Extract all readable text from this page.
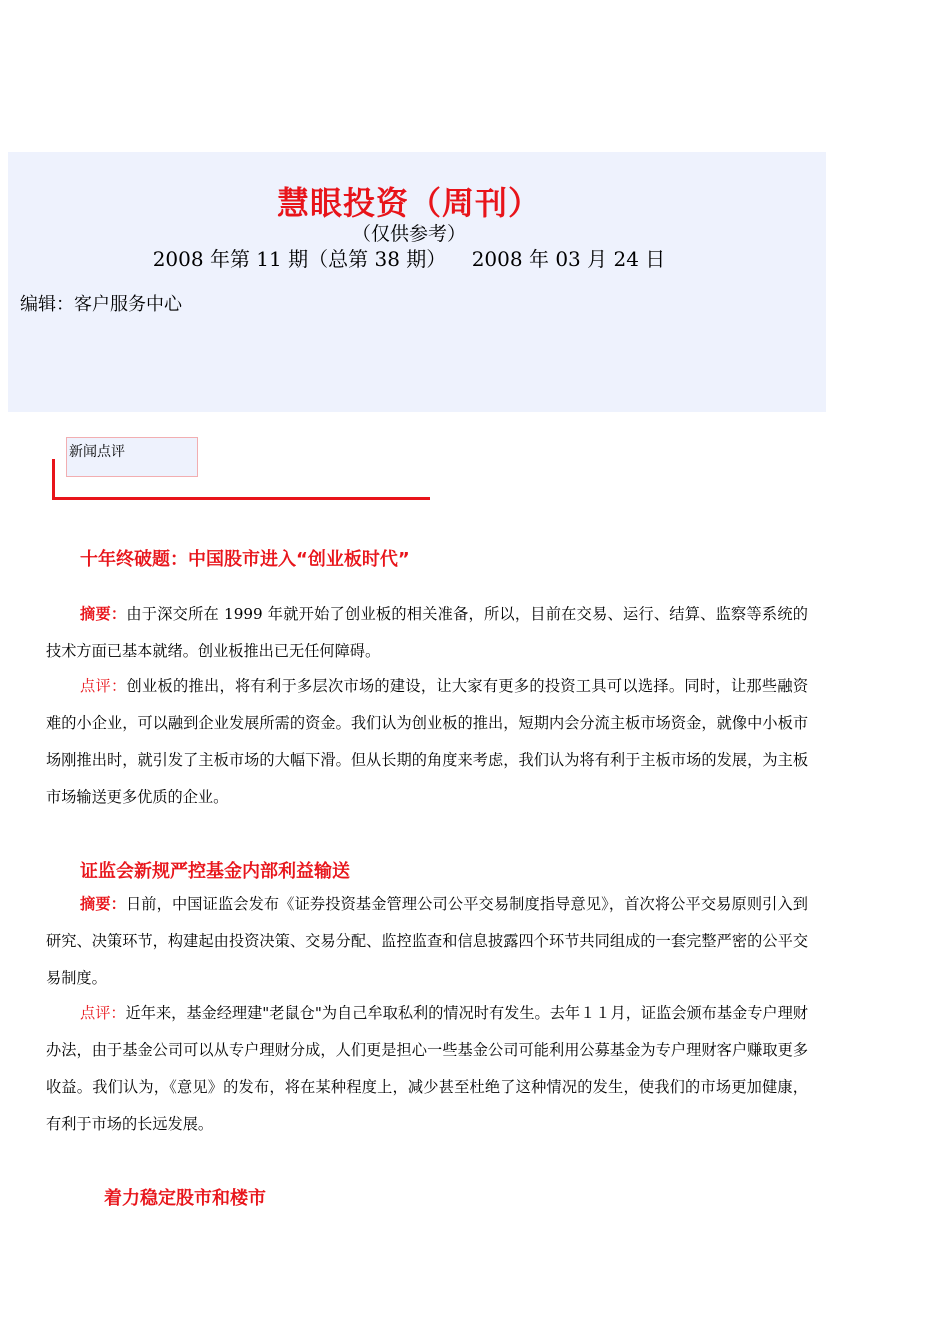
慧眼投资（周刊）
（仅供参考）
2008 年第 11 期（总第 38 期）    2008 年 03 月 24 日
编辑：客户服务中心
新闻点评
十年终破题：中国股市进入“创业板时代”
摘要：由于深交所在 1999 年就开始了创业板的相关准备，所以，目前在交易、运行、结算、监察等系统的技术方面已基本就绪。创业板推出已无任何障碍。
点评：创业板的推出，将有利于多层次市场的建设，让大家有更多的投资工具可以选择。同时，让那些融资难的小企业，可以融到企业发展所需的资金。我们认为创业板的推出，短期内会分流主板市场资金，就像中小板市场刚推出时，就引发了主板市场的大幅下滑。但从长期的角度来考虑，我们认为将有利于主板市场的发展，为主板市场输送更多优质的企业。
证监会新规严控基金内部利益输送
摘要：日前，中国证监会发布《证券投资基金管理公司公平交易制度指导意见》，首次将公平交易原则引入到研究、决策环节，构建起由投资决策、交易分配、监控监查和信息披露四个环节共同组成的一套完整严密的公平交易制度。
点评：近年来，基金经理建"老鼠仓"为自己牟取私利的情况时有发生。去年１１月，证监会颁布基金专户理财办法，由于基金公司可以从专户理财分成，人们更是担心一些基金公司可能利用公募基金为专户理财客户赚取更多收益。我们认为，《意见》的发布，将在某种程度上，减少甚至杜绝了这种情况的发生，使我们的市场更加健康，有利于市场的长远发展。
着力稳定股市和楼市
